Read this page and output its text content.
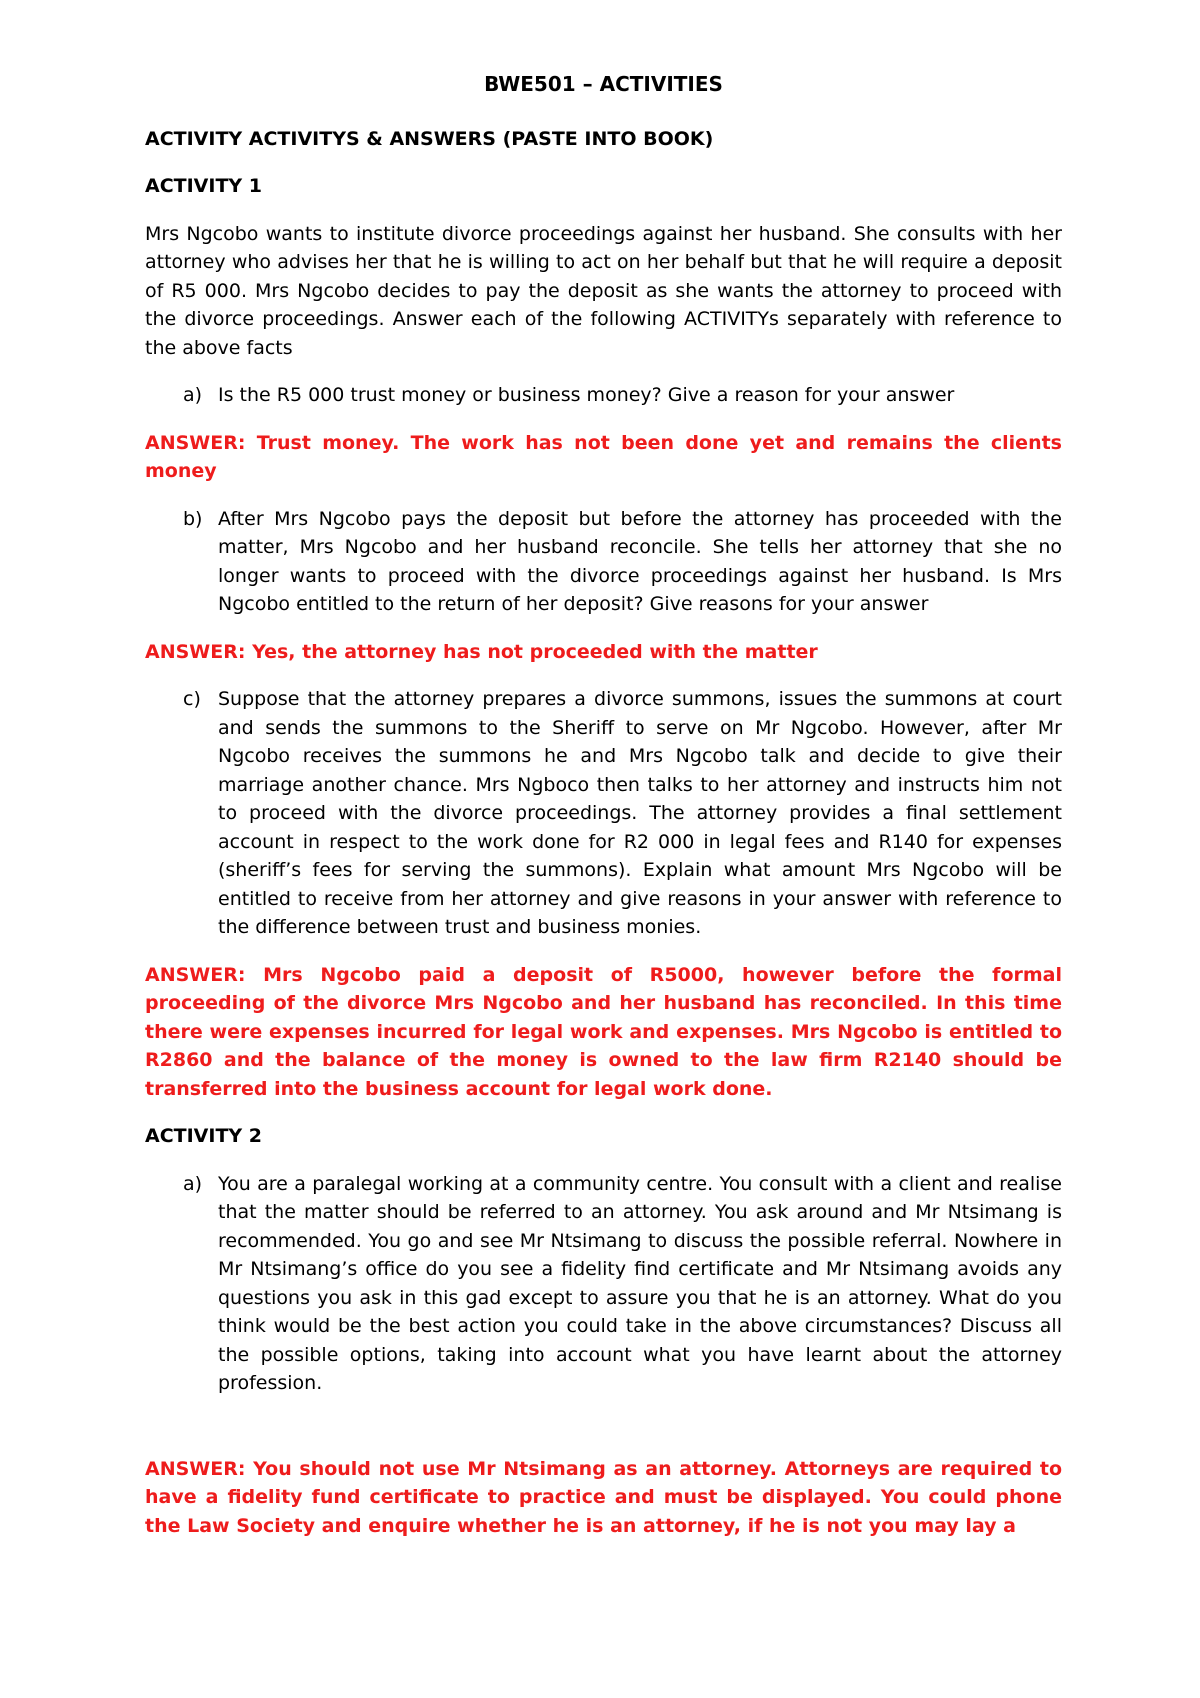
BWE501 – ACTIVITIES
ACTIVITY ACTIVITYS & ANSWERS (PASTE INTO BOOK)
ACTIVITY 1
Mrs Ngcobo wants to institute divorce proceedings against her husband. She consults with her attorney who advises her that he is willing to act on her behalf but that he will require a deposit of R5 000. Mrs Ngcobo decides to pay the deposit as she wants the attorney to proceed with the divorce proceedings. Answer each of the following ACTIVITYs separately with reference to the above facts
a) Is the R5 000 trust money or business money? Give a reason for your answer
ANSWER: Trust money. The work has not been done yet and remains the clients money
b) After Mrs Ngcobo pays the deposit but before the attorney has proceeded with the matter, Mrs Ngcobo and her husband reconcile. She tells her attorney that she no longer wants to proceed with the divorce proceedings against her husband. Is Mrs Ngcobo entitled to the return of her deposit? Give reasons for your answer
ANSWER: Yes, the attorney has not proceeded with the matter
c) Suppose that the attorney prepares a divorce summons, issues the summons at court and sends the summons to the Sheriff to serve on Mr Ngcobo. However, after Mr Ngcobo receives the summons he and Mrs Ngcobo talk and decide to give their marriage another chance. Mrs Ngboco then talks to her attorney and instructs him not to proceed with the divorce proceedings. The attorney provides a final settlement account in respect to the work done for R2 000 in legal fees and R140 for expenses (sheriff’s fees for serving the summons). Explain what amount Mrs Ngcobo will be entitled to receive from her attorney and give reasons in your answer with reference to the difference between trust and business monies.
ANSWER: Mrs Ngcobo paid a deposit of R5000, however before the formal proceeding of the divorce Mrs Ngcobo and her husband has reconciled. In this time there were expenses incurred for legal work and expenses. Mrs Ngcobo is entitled to R2860 and the balance of the money is owned to the law firm R2140 should be transferred into the business account for legal work done.
ACTIVITY 2
a) You are a paralegal working at a community centre. You consult with a client and realise that the matter should be referred to an attorney. You ask around and Mr Ntsimang is recommended. You go and see Mr Ntsimang to discuss the possible referral. Nowhere in Mr Ntsimang’s office do you see a fidelity find certificate and Mr Ntsimang avoids any questions you ask in this gad except to assure you that he is an attorney. What do you think would be the best action you could take in the above circumstances? Discuss all the possible options, taking into account what you have learnt about the attorney profession.
ANSWER: You should not use Mr Ntsimang as an attorney. Attorneys are required to have a fidelity fund certificate to practice and must be displayed. You could phone the Law Society and enquire whether he is an attorney, if he is not you may lay a
